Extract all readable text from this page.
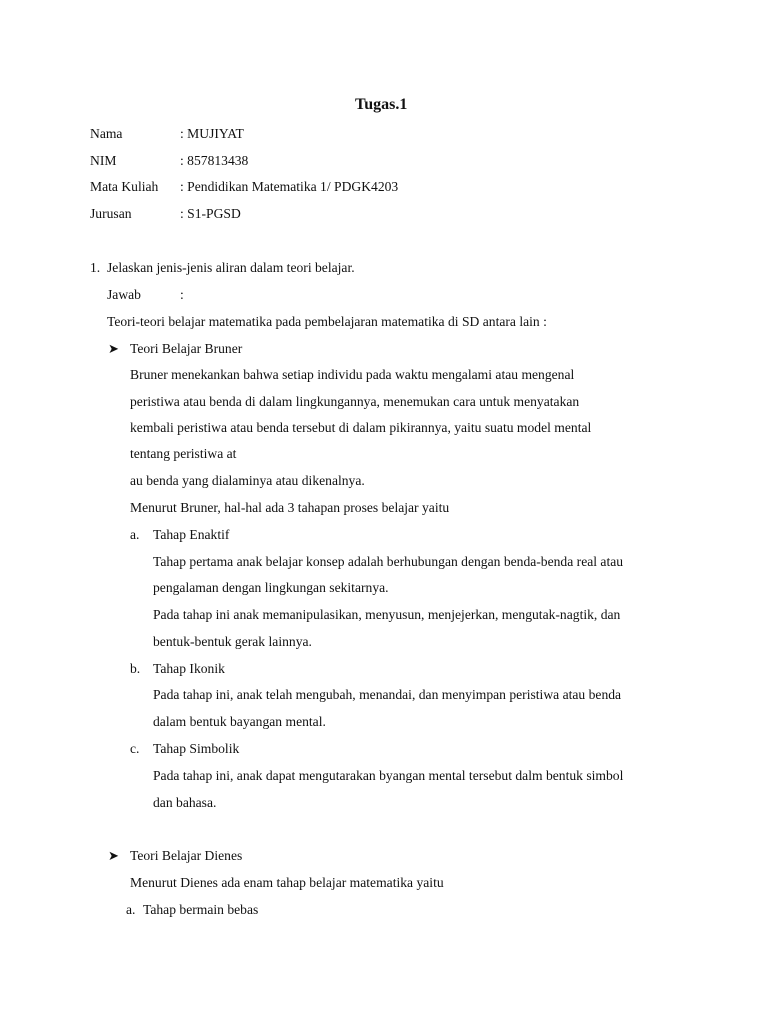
Tugas.1
Nama	: MUJIYAT
NIM	: 857813438
Mata Kuliah : Pendidikan Matematika 1/ PDGK4203
Jurusan	: S1-PGSD
1. Jelaskan jenis-jenis aliran dalam teori belajar.
Jawab	:
Teori-teori belajar matematika pada pembelajaran matematika di SD antara lain :
➤ Teori Belajar Bruner
Bruner menekankan bahwa setiap individu pada waktu mengalami atau mengenal
peristiwa atau benda di dalam lingkungannya, menemukan cara untuk menyatakan
kembali peristiwa atau benda tersebut di dalam pikirannya, yaitu suatu model mental
tentang peristiwa at
au benda yang dialaminya atau dikenalnya.
Menurut Bruner, hal-hal ada 3 tahapan proses belajar yaitu
a. Tahap Enaktif
Tahap pertama anak belajar konsep adalah berhubungan dengan benda-benda real atau
pengalaman dengan lingkungan sekitarnya.
Pada tahap ini anak memanipulasikan, menyusun, menjejerkan, mengutak-nagtik, dan
bentuk-bentuk gerak lainnya.
b. Tahap Ikonik
Pada tahap ini, anak telah mengubah, menandai, dan menyimpan peristiwa atau benda
dalam bentuk bayangan mental.
c. Tahap Simbolik
Pada tahap ini, anak dapat mengutarakan byangan mental tersebut dalm bentuk simbol
dan bahasa.
➤ Teori Belajar Dienes
Menurut Dienes ada enam tahap belajar matematika yaitu
a. Tahap bermain bebas
